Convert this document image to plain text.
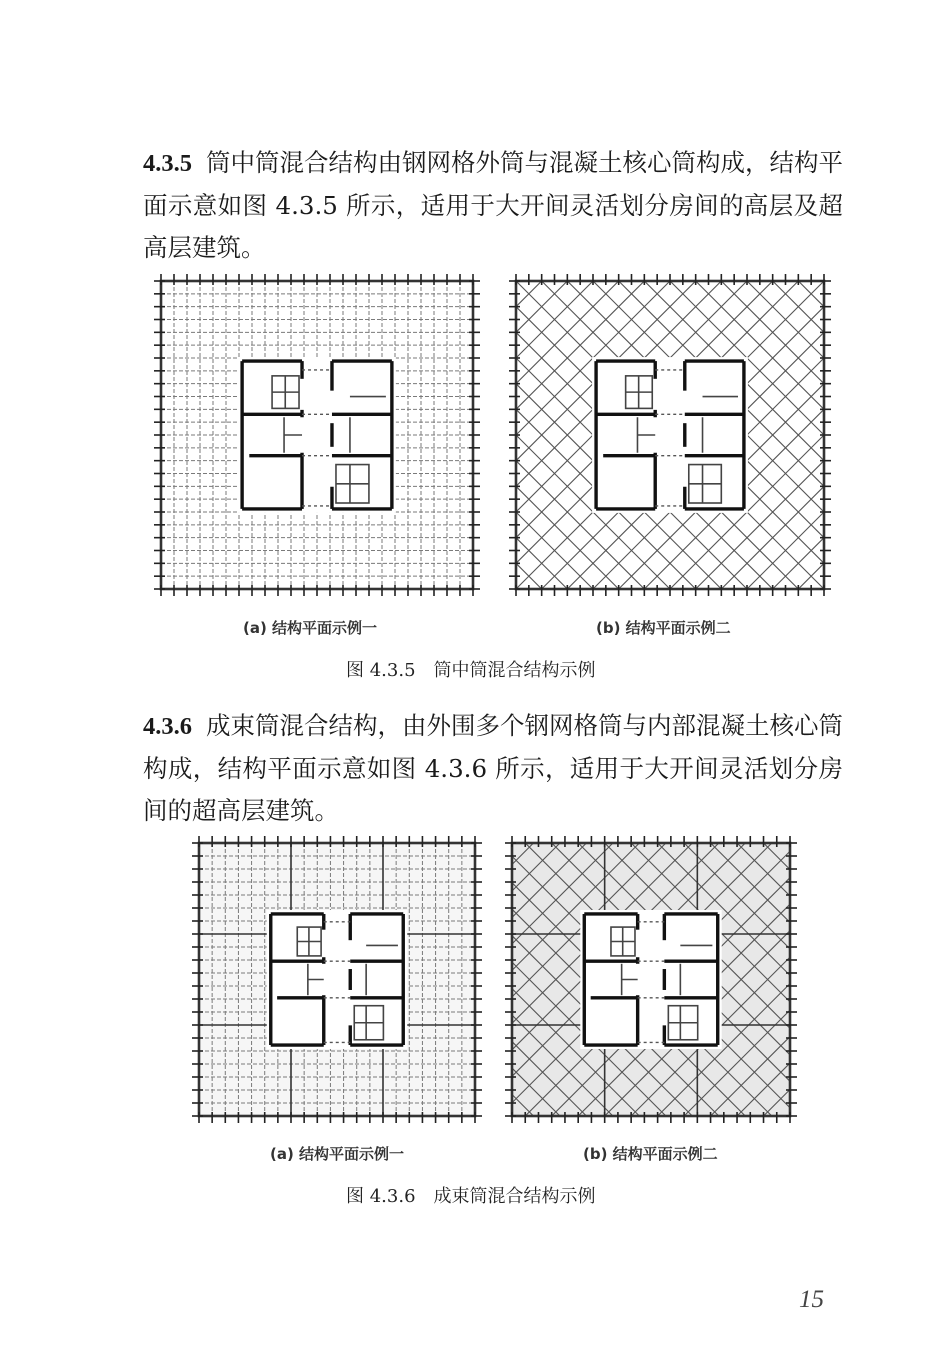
4.3.5 筒中筒混合结构由钢网格外筒与混凝土核心筒构成，结构平面示意如图 4.3.5 所示，适用于大开间灵活划分房间的高层及超高层建筑。

(a) 结构平面示例一	(b) 结构平面示例二
图 4.3.5　筒中筒混合结构示例

4.3.6 成束筒混合结构，由外围多个钢网格筒与内部混凝土核心筒构成，结构平面示意如图 4.3.6 所示，适用于大开间灵活划分房间的超高层建筑。

(a) 结构平面示例一	(b) 结构平面示例二
图 4.3.6　成束筒混合结构示例
15
